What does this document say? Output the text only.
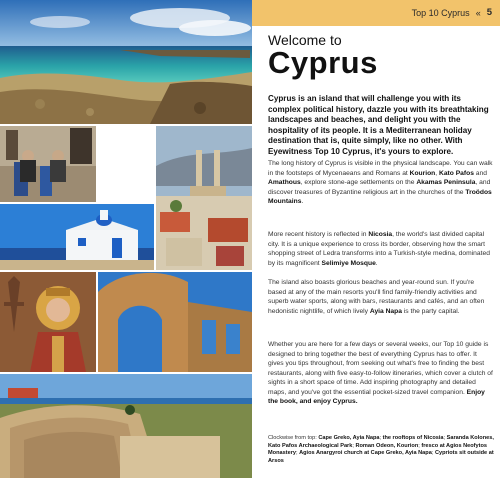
Top 10 Cyprus « 5
Welcome to
Cyprus

Cyprus is an island that will challenge you with its complex political history, dazzle you with its breathtaking landscapes and beaches, and delight you with the hospitality of its people. It is a Mediterranean holiday destination that is, quite simply, like no other. With Eyewitness Top 10 Cyprus, it's yours to explore.

The long history of Cyprus is visible in the physical landscape. You can walk in the footsteps of Mycenaeans and Romans at Kourion, Kato Pafos and Amathous, explore stone-age settlements on the Akamas Peninsula, and discover treasures of Byzantine religious art in the churches of the Troödos Mountains.

More recent history is reflected in Nicosia, the world's last divided capital city. It is a unique experience to cross its border, observing how the smart shopping street of Ledra transforms into a Turkish-style medina, dominated by its magnificent Selimiye Mosque.

The island also boasts glorious beaches and year-round sun. If you're based at any of the main resorts you'll find family-friendly activities and superb water sports, along with bars, restaurants and cafés, and an often hedonistic nightlife, of which lively Ayia Napa is the party capital.

Whether you are here for a few days or several weeks, our Top 10 guide is designed to bring together the best of everything Cyprus has to offer. It gives you tips throughout, from seeking out what's free to finding the best restaurants, along with five easy-to-follow itineraries, which cover a clutch of sights in a short space of time. Add inspiring photography and detailed maps, and you've got the essential pocket-sized travel companion. Enjoy the book, and enjoy Cyprus.

Clockwise from top: Cape Greko, Ayia Napa; the rooftops of Nicosia; Saranda Kolones, Kato Pafos Archaeological Park; Roman Odeon, Kourion; fresco at Agios Neofytos Monastery; Agios Anargyroi church at Cape Greko, Ayia Napa; Cypriots sit outside at Arsos
